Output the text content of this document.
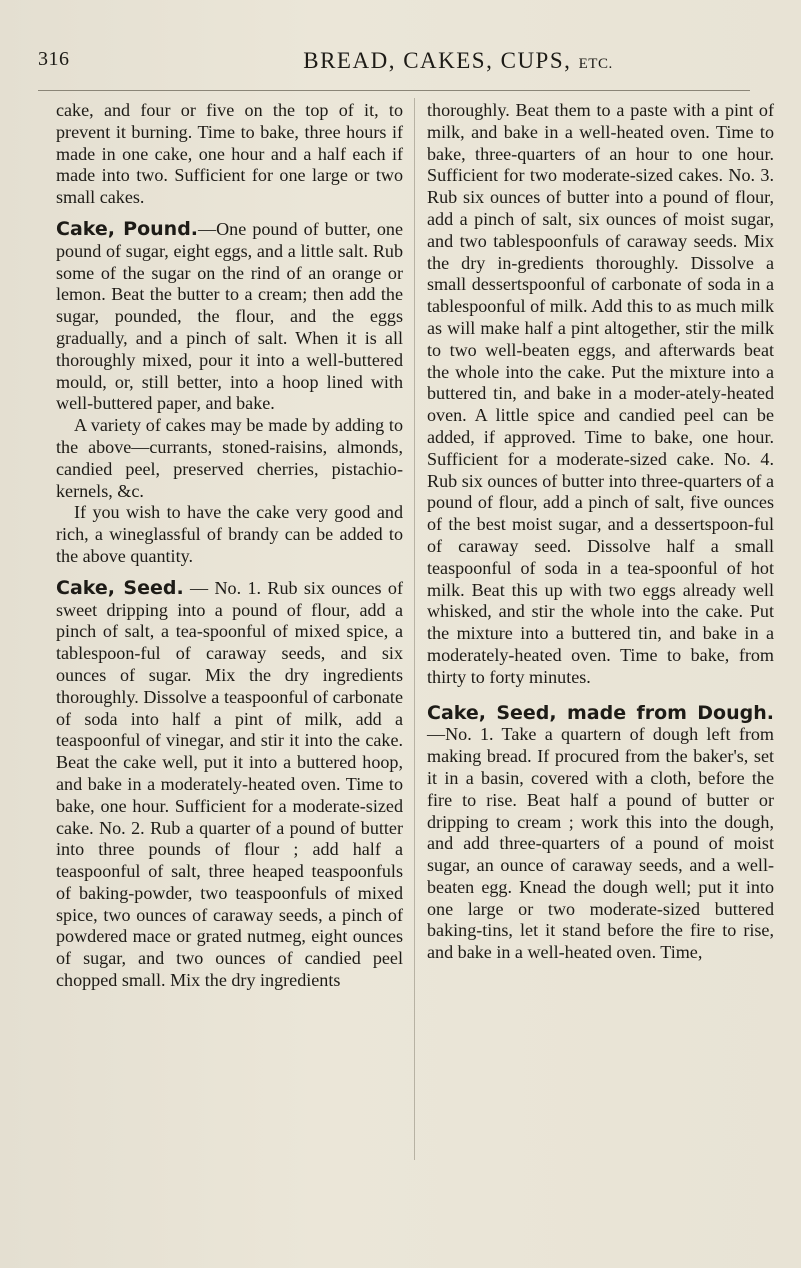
316	BREAD, CAKES, CUPS, ETC.

cake, and four or five on the top of it, to prevent it burning. Time to bake, three hours if made in one cake, one hour and a half each if made into two. Sufficient for one large or two small cakes.

Cake, Pound.—One pound of butter, one pound of sugar, eight eggs, and a little salt. Rub some of the sugar on the rind of an orange or lemon. Beat the butter to a cream; then add the sugar, pounded, the flour, and the eggs gradually, and a pinch of salt. When it is all thoroughly mixed, pour it into a well-buttered mould, or, still better, into a hoop lined with well-buttered paper, and bake.

A variety of cakes may be made by adding to the above—currants, stoned-raisins, almonds, candied peel, preserved cherries, pistachio-kernels, &c.

If you wish to have the cake very good and rich, a wineglassful of brandy can be added to the above quantity.

Cake, Seed. — No. 1. Rub six ounces of sweet dripping into a pound of flour, add a pinch of salt, a tea-spoonful of mixed spice, a tablespoon-ful of caraway seeds, and six ounces of sugar. Mix the dry ingredients thoroughly. Dissolve a teaspoonful of carbonate of soda into half a pint of milk, add a teaspoonful of vinegar, and stir it into the cake. Beat the cake well, put it into a buttered hoop, and bake in a moderately-heated oven. Time to bake, one hour. Sufficient for a moderate-sized cake. No. 2. Rub a quarter of a pound of butter into three pounds of flour ; add half a teaspoonful of salt, three heaped teaspoonfuls of baking-powder, two teaspoonfuls of mixed spice, two ounces of caraway seeds, a pinch of powdered mace or grated nutmeg, eight ounces of sugar, and two ounces of candied peel chopped small. Mix the dry ingredients

thoroughly. Beat them to a paste with a pint of milk, and bake in a well-heated oven. Time to bake, three-quarters of an hour to one hour. Sufficient for two moderate-sized cakes. No. 3. Rub six ounces of butter into a pound of flour, add a pinch of salt, six ounces of moist sugar, and two tablespoonfuls of caraway seeds. Mix the dry in-gredients thoroughly. Dissolve a small dessertspoonful of carbonate of soda in a tablespoonful of milk. Add this to as much milk as will make half a pint altogether, stir the milk to two well-beaten eggs, and afterwards beat the whole into the cake. Put the mixture into a buttered tin, and bake in a moder-ately-heated oven. A little spice and candied peel can be added, if approved. Time to bake, one hour. Sufficient for a moderate-sized cake. No. 4. Rub six ounces of butter into three-quarters of a pound of flour, add a pinch of salt, five ounces of the best moist sugar, and a dessertspoon-ful of caraway seed. Dissolve half a small teaspoonful of soda in a tea-spoonful of hot milk. Beat this up with two eggs already well whisked, and stir the whole into the cake. Put the mixture into a buttered tin, and bake in a moderately-heated oven. Time to bake, from thirty to forty minutes.

Cake, Seed, made from Dough.—No. 1. Take a quartern of dough left from making bread. If procured from the baker's, set it in a basin, covered with a cloth, before the fire to rise. Beat half a pound of butter or dripping to cream ; work this into the dough, and add three-quarters of a pound of moist sugar, an ounce of caraway seeds, and a well-beaten egg. Knead the dough well; put it into one large or two moderate-sized buttered baking-tins, let it stand before the fire to rise, and bake in a well-heated oven. Time,
